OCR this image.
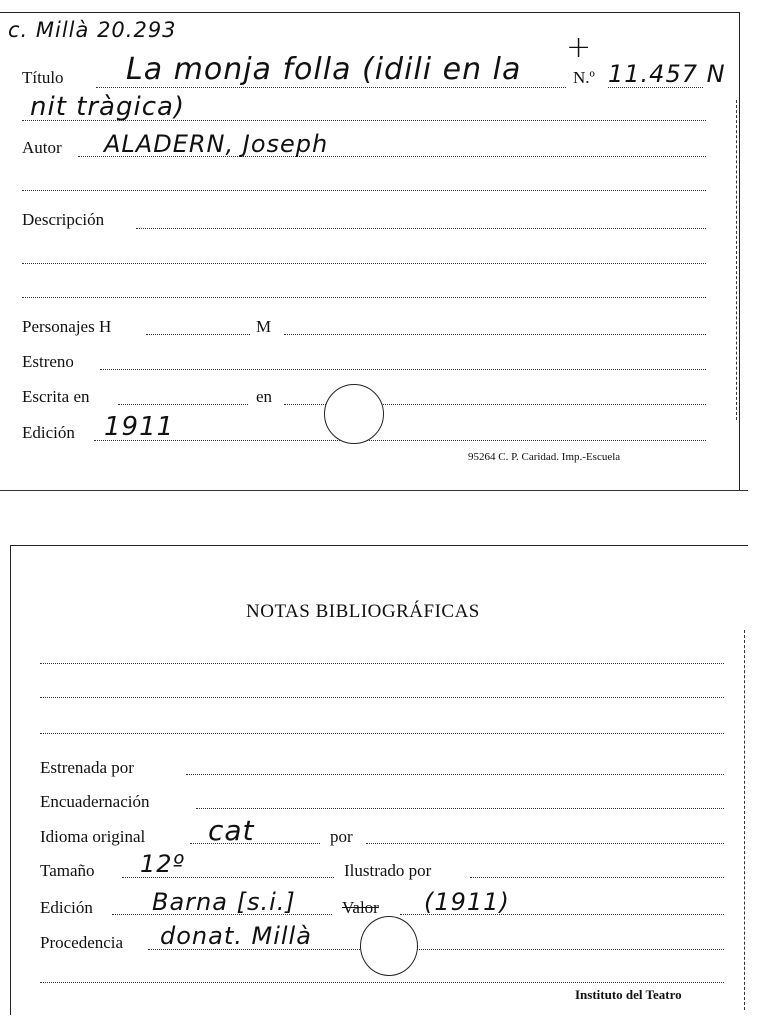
c. Millà 20.293	+
Título La monja folla (idili en la	N.º 11.457 N
nit tràgica)
Autor ALADERN, Joseph
Descripción
Personajes H	M
Estreno
Escrita en	en
Edición 1911
95264 C. P. Caridad. Imp.-Escuela
NOTAS BIBLIOGRÁFICAS
Estrenada por
Encuadernación
Idioma original cat	por
Tamaño 12º	Ilustrado por
Edición Barna [s.i.]	Valor (1911)
Procedencia donat. Millà
Instituto del Teatro
